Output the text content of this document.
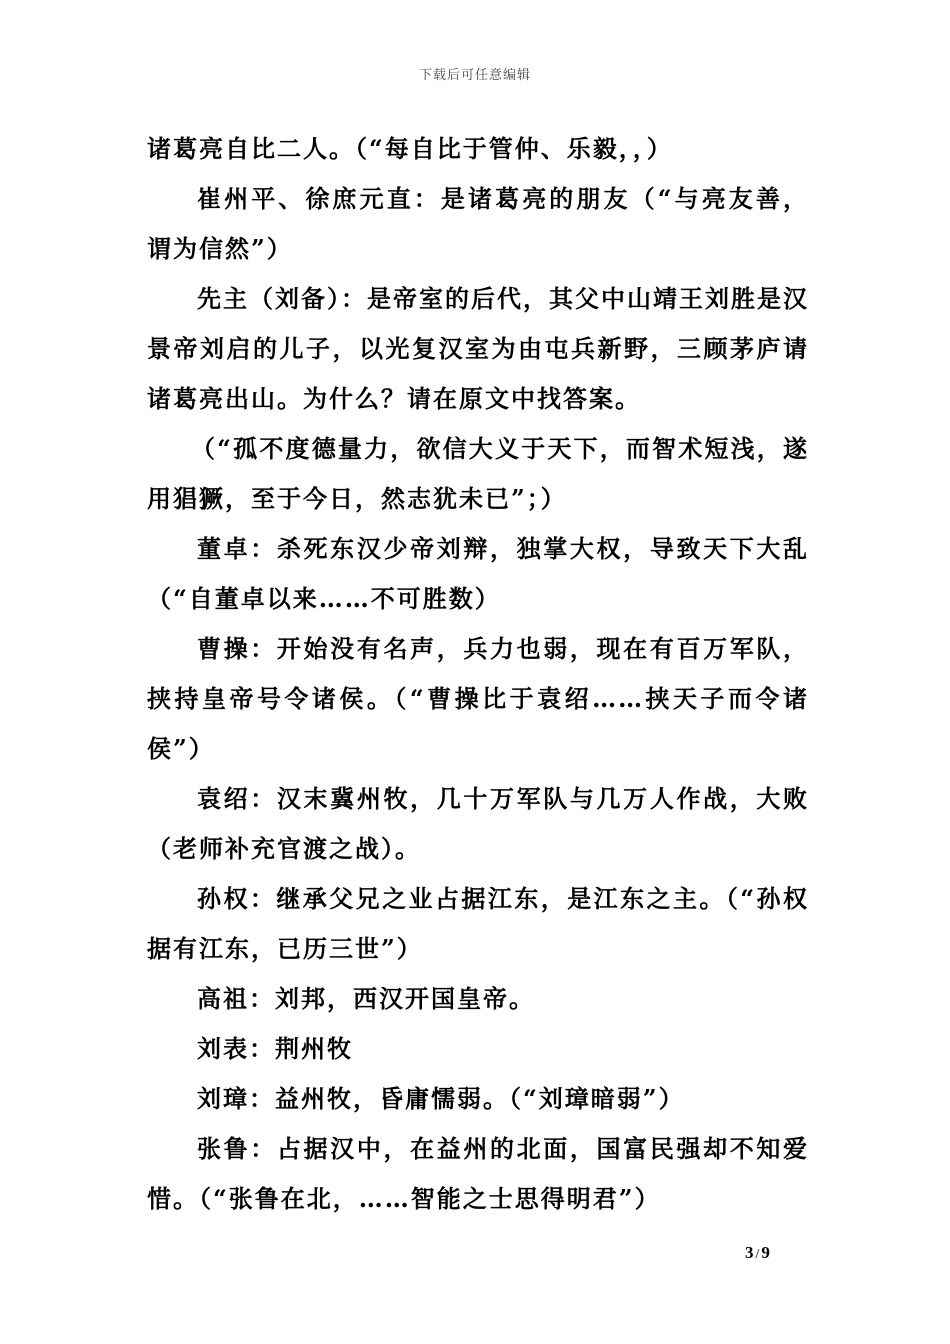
下载后可任意编辑

诸葛亮自比二人。（“每自比于管仲、乐毅，，）

崔州平、徐庶元直：是诸葛亮的朋友（“与亮友善，谓为信然”）

先主（刘备）：是帝室的后代，其父中山靖王刘胜是汉景帝刘启的儿子，以光复汉室为由屯兵新野，三顾茅庐请诸葛亮出山。为什么？请在原文中找答案。

（“孤不度德量力，欲信大义于天下，而智术短浅，遂用猖獗，至于今日，然志犹未已”；）

董卓：杀死东汉少帝刘辩，独掌大权，导致天下大乱（“自董卓以来……不可胜数）

曹操：开始没有名声，兵力也弱，现在有百万军队，挟持皇帝号令诸侯。（“曹操比于袁绍……挟天子而令诸侯”）

袁绍：汉末冀州牧，几十万军队与几万人作战，大败（老师补充官渡之战）。

孙权：继承父兄之业占据江东，是江东之主。（“孙权据有江东，已历三世”）

高祖：刘邦，西汉开国皇帝。

刘表：荆州牧

刘璋：益州牧，昏庸懦弱。（“刘璋暗弱”）

张鲁：占据汉中，在益州的北面，国富民强却不知爱惜。（“张鲁在北，……智能之士思得明君”）

3 / 9
